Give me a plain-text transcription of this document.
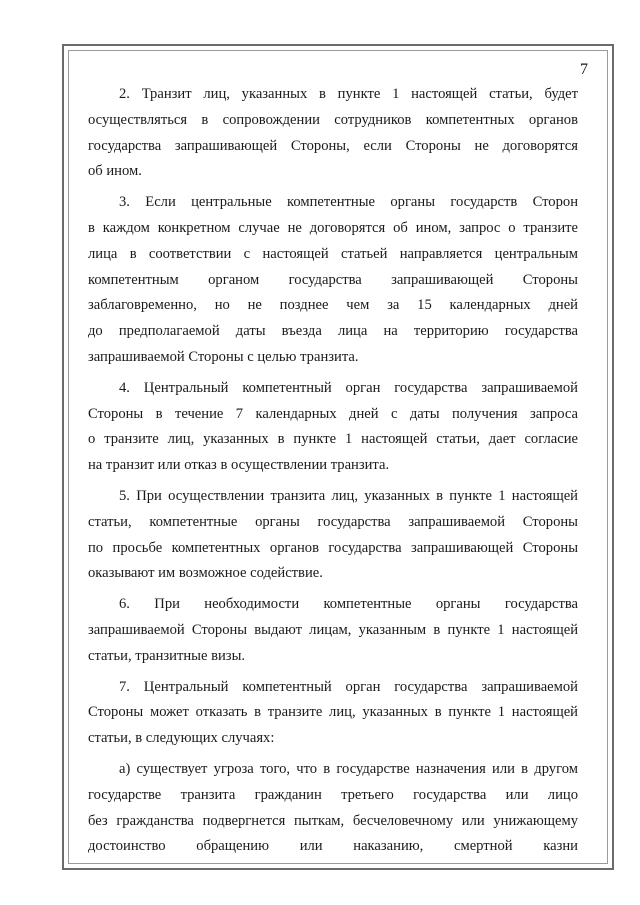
7

2. Транзит лиц, указанных в пункте 1 настоящей статьи, будет
осуществляться в сопровождении сотрудников компетентных органов
государства запрашивающей Стороны, если Стороны не договорятся
об ином.

3. Если центральные компетентные органы государств Сторон
в каждом конкретном случае не договорятся об ином, запрос о транзите
лица в соответствии с настоящей статьей направляется центральным
компетентным органом государства запрашивающей Стороны
заблаговременно, но не позднее чем за 15 календарных дней
до предполагаемой даты въезда лица на территорию государства
запрашиваемой Стороны с целью транзита.

4. Центральный компетентный орган государства запрашиваемой
Стороны в течение 7 календарных дней с даты получения запроса
о транзите лиц, указанных в пункте 1 настоящей статьи, дает согласие
на транзит или отказ в осуществлении транзита.

5. При осуществлении транзита лиц, указанных в пункте 1 настоящей
статьи, компетентные органы государства запрашиваемой Стороны
по просьбе компетентных органов государства запрашивающей Стороны
оказывают им возможное содействие.

6. При необходимости компетентные органы государства
запрашиваемой Стороны выдают лицам, указанным в пункте 1 настоящей
статьи, транзитные визы.

7. Центральный компетентный орган государства запрашиваемой
Стороны может отказать в транзите лиц, указанных в пункте 1 настоящей
статьи, в следующих случаях:

а) существует угроза того, что в государстве назначения или в другом
государстве транзита гражданин третьего государства или лицо
без гражданства подвергнется пыткам, бесчеловечному или унижающему
достоинство обращению или наказанию, смертной казни
